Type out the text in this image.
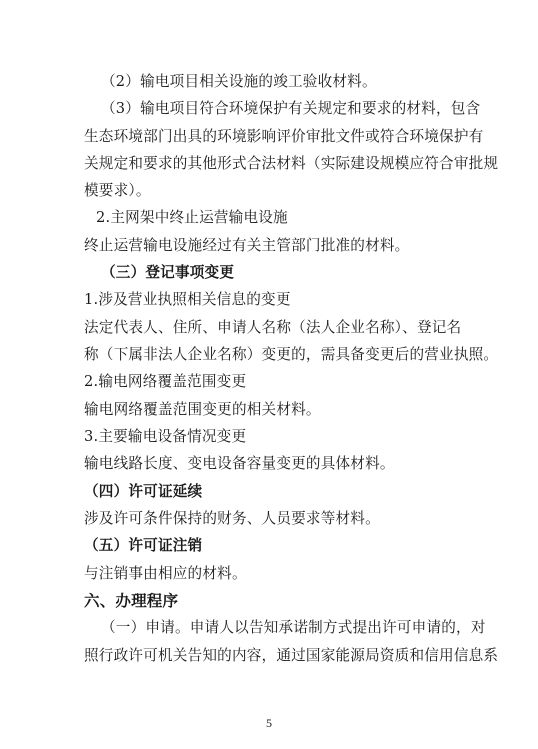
（2）输电项目相关设施的竣工验收材料。
（3）输电项目符合环境保护有关规定和要求的材料，包含
生态环境部门出具的环境影响评价审批文件或符合环境保护有
关规定和要求的其他形式合法材料（实际建设规模应符合审批规
模要求）。
2.主网架中终止运营输电设施
终止运营输电设施经过有关主管部门批准的材料。
（三）登记事项变更
1.涉及营业执照相关信息的变更
法定代表人、住所、申请人名称（法人企业名称）、登记名
称（下属非法人企业名称）变更的，需具备变更后的营业执照。
2.输电网络覆盖范围变更
输电网络覆盖范围变更的相关材料。
3.主要输电设备情况变更
输电线路长度、变电设备容量变更的具体材料。
（四）许可证延续
涉及许可条件保持的财务、人员要求等材料。
（五）许可证注销
与注销事由相应的材料。
六、办理程序
（一）申请。申请人以告知承诺制方式提出许可申请的，对
照行政许可机关告知的内容，通过国家能源局资质和信用信息系
5
